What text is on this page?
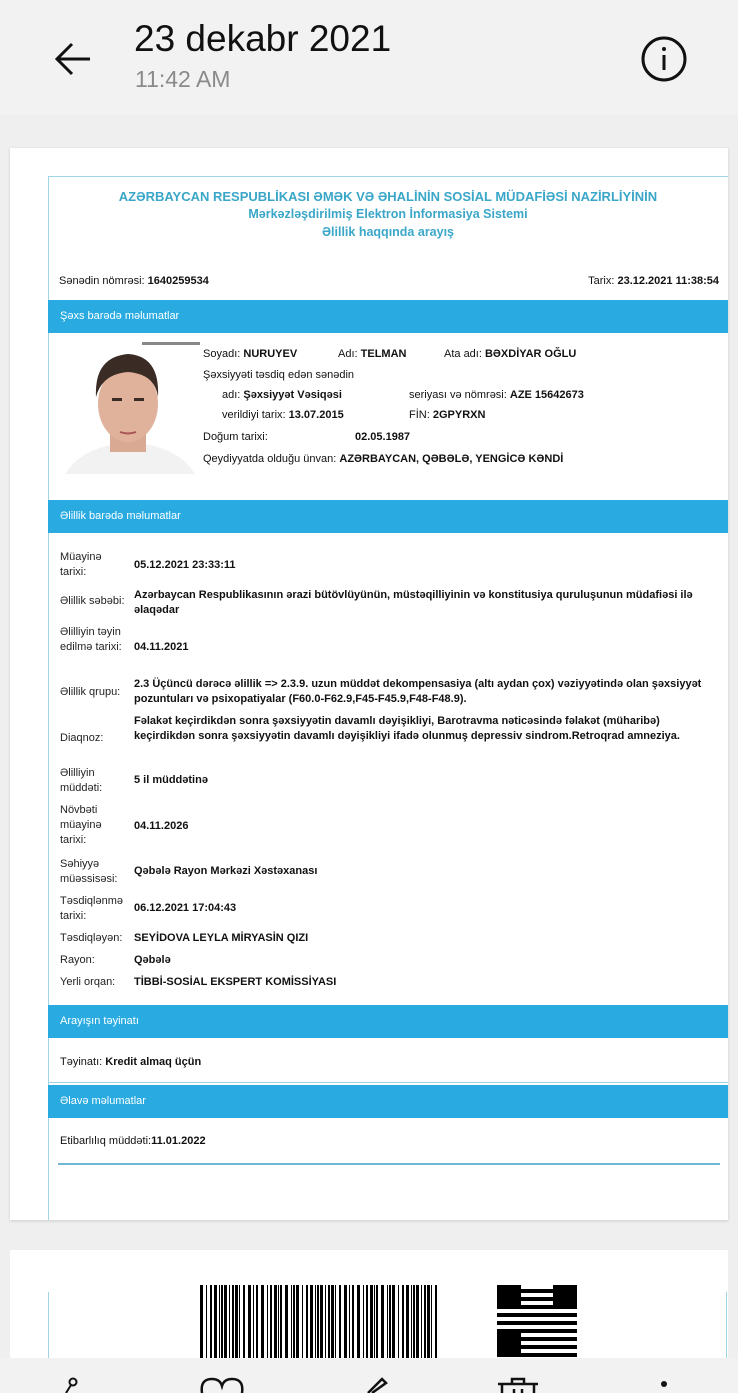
23 dekabr 2021
11:42 AM
AZƏRBAYCAN RESPUBLİKASI ƏMƏK VƏ ƏHALİNİN SOSİAL MÜDAFİƏSİ NAZİRLİYİNİN
Mərkəzləşdirilmiş Elektron İnformasiya Sistemi
Əlillik haqqında arayış
Sənədin nömrəsi: 1640259534	Tarix: 23.12.2021 11:38:54
Şəxs barədə məlumatlar
Soyadı: NURUYEV	Adı: TELMAN	Ata adı: BƏXDİYAR OĞLU
Şəxsiyyəti təsdiq edən sənədin
adı: Şəxsiyyət Vəsiqəsi	seriyası və nömrəsi: AZE 15642673
verildiyi tarix: 13.07.2015	FİN: 2GPYRXN
Doğum tarixi:	02.05.1987
Qeydiyyatda olduğu ünvan: AZƏRBAYCAN, QƏBƏLƏ, YENGİCƏ KƏNDİ
Əlillik barədə məlumatlar
Müayinə tarixi:
05.12.2021 23:33:11
Əlillik səbəbi: Azərbaycan Respublikasının ərazi bütövlüyünün, müstəqilliyinin və konstitusiya quruluşunun müdafiəsi ilə əlaqədar
Əlilliyin təyin edilmə tarixi:	04.11.2021
Əlillik qrupu:
2.3 Üçüncü dərəcə əlillik => 2.3.9. uzun müddət dekompensasiya (altı aydan çox) vəziyyətində olan şəxsiyyət pozuntuları və psixopatiyalar (F60.0-F62.9,F45-F45.9,F48-F48.9).
Diaqnoz:
Fəlakət keçirdikdən sonra şəxsiyyətin davamlı dəyişikliyi, Barotravma nəticəsində fəlakət (müharibə) keçirdikdən sonra şəxsiyyətin davamlı dəyişikliyi ifadə olunmuş depressiv sindrom.Retroqrad amneziya.
Əlilliyin müddəti:
5 il müddətinə
Növbəti müayinə tarixi:
04.11.2026
Səhiyyə müəssisəsi:
Qəbələ Rayon Mərkəzi Xəstəxanası
Təsdiqlənmə tarixi:
06.12.2021 17:04:43
Təsdiqləyən:	SEYİDOVA LEYLA MİRYASİN QIZI
Rayon:	Qəbələ
Yerli orqan:	TİBBİ-SOSİAL EKSPERT KOMİSSİYASI
Arayışın təyinatı
Təyinatı: Kredit almaq üçün
Əlavə məlumatlar
Etibarlılıq müddəti:11.01.2022
